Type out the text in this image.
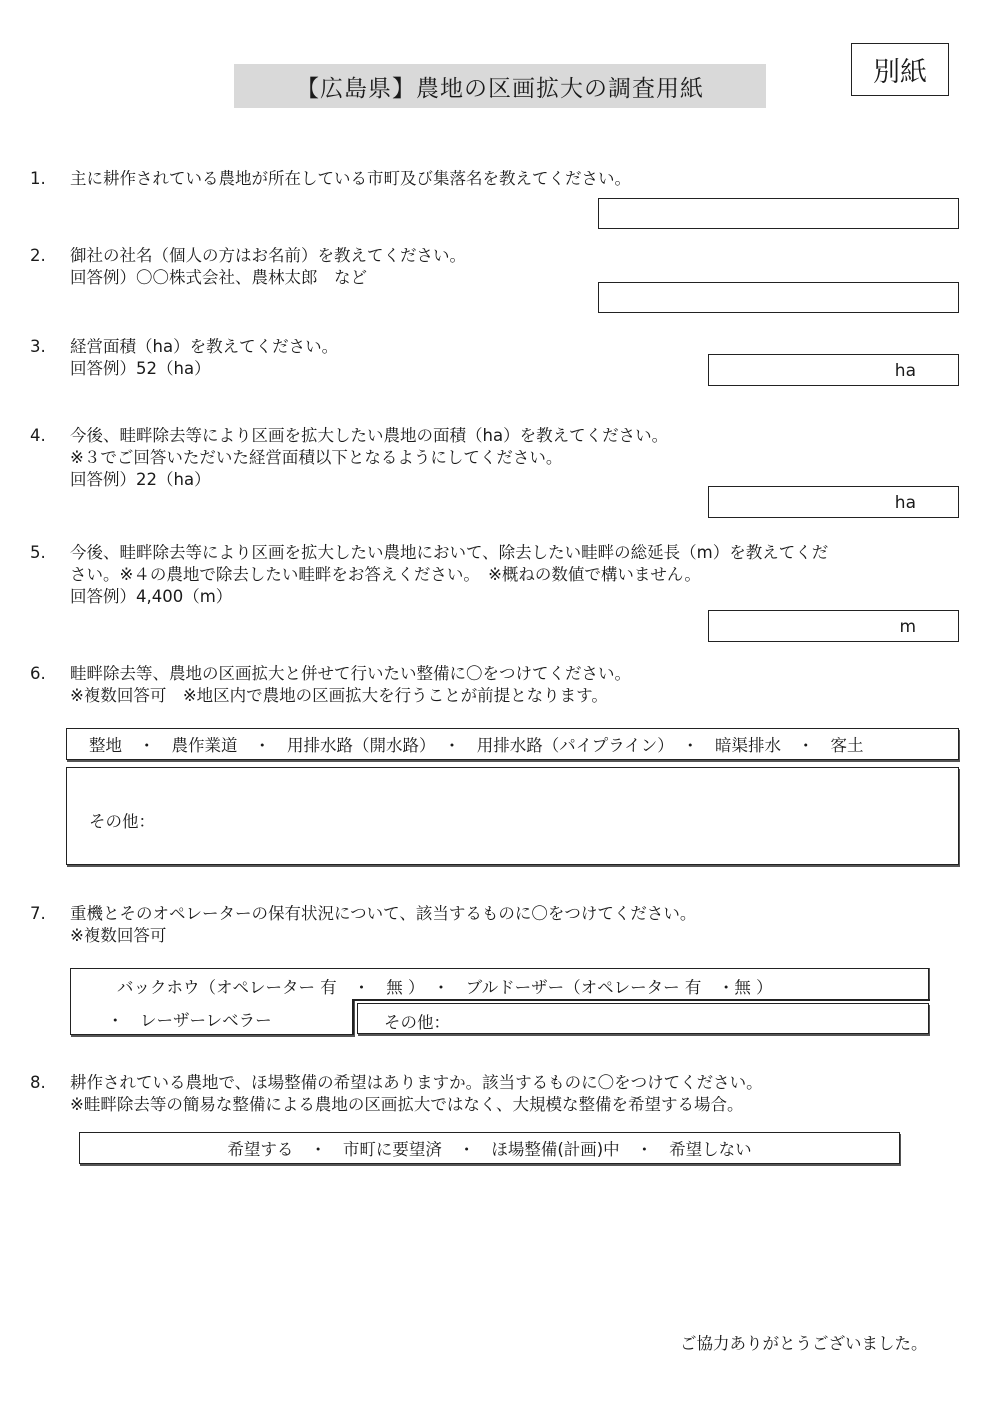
【広島県】農地の区画拡大の調査用紙
別紙
1. 主に耕作されている農地が所在している市町及び集落名を教えてください。
2. 御社の社名（個人の方はお名前）を教えてください。
回答例）〇〇株式会社、農林太郎　など
3. 経営面積（ha）を教えてください。
回答例）52（ha）	ha
4. 今後、畦畔除去等により区画を拡大したい農地の面積（ha）を教えてください。
※３でご回答いただいた経営面積以下となるようにしてください。
回答例）22（ha）
ha
5. 今後、畦畔除去等により区画を拡大したい農地において、除去したい畦畔の総延長（m）を教えてくだ
さい。※４の農地で除去したい畦畔をお答えください。　※概ねの数値で構いません。
回答例）4,400（m）
m
6. 畦畔除去等、農地の区画拡大と併せて行いたい整備に〇をつけてください。
※複数回答可　※地区内で農地の区画拡大を行うことが前提となります。
整地　・　農作業道　・　用排水路（開水路）　・　用排水路（パイプライン）　・　暗渠排水　・　客土
その他：
7. 重機とそのオペレーターの保有状況について、該当するものに〇をつけてください。
※複数回答可
バックホウ（オペレーター 有　・　無 ）　・　ブルドーザー（オペレーター 有　・無 ）
・　レーザーレベラー	その他：
8. 耕作されている農地で、ほ場整備の希望はありますか。該当するものに〇をつけてください。
※畦畔除去等の簡易な整備による農地の区画拡大ではなく、大規模な整備を希望する場合。
希望する　・　市町に要望済　・　ほ場整備(計画)中　・　希望しない
ご協力ありがとうございました。
